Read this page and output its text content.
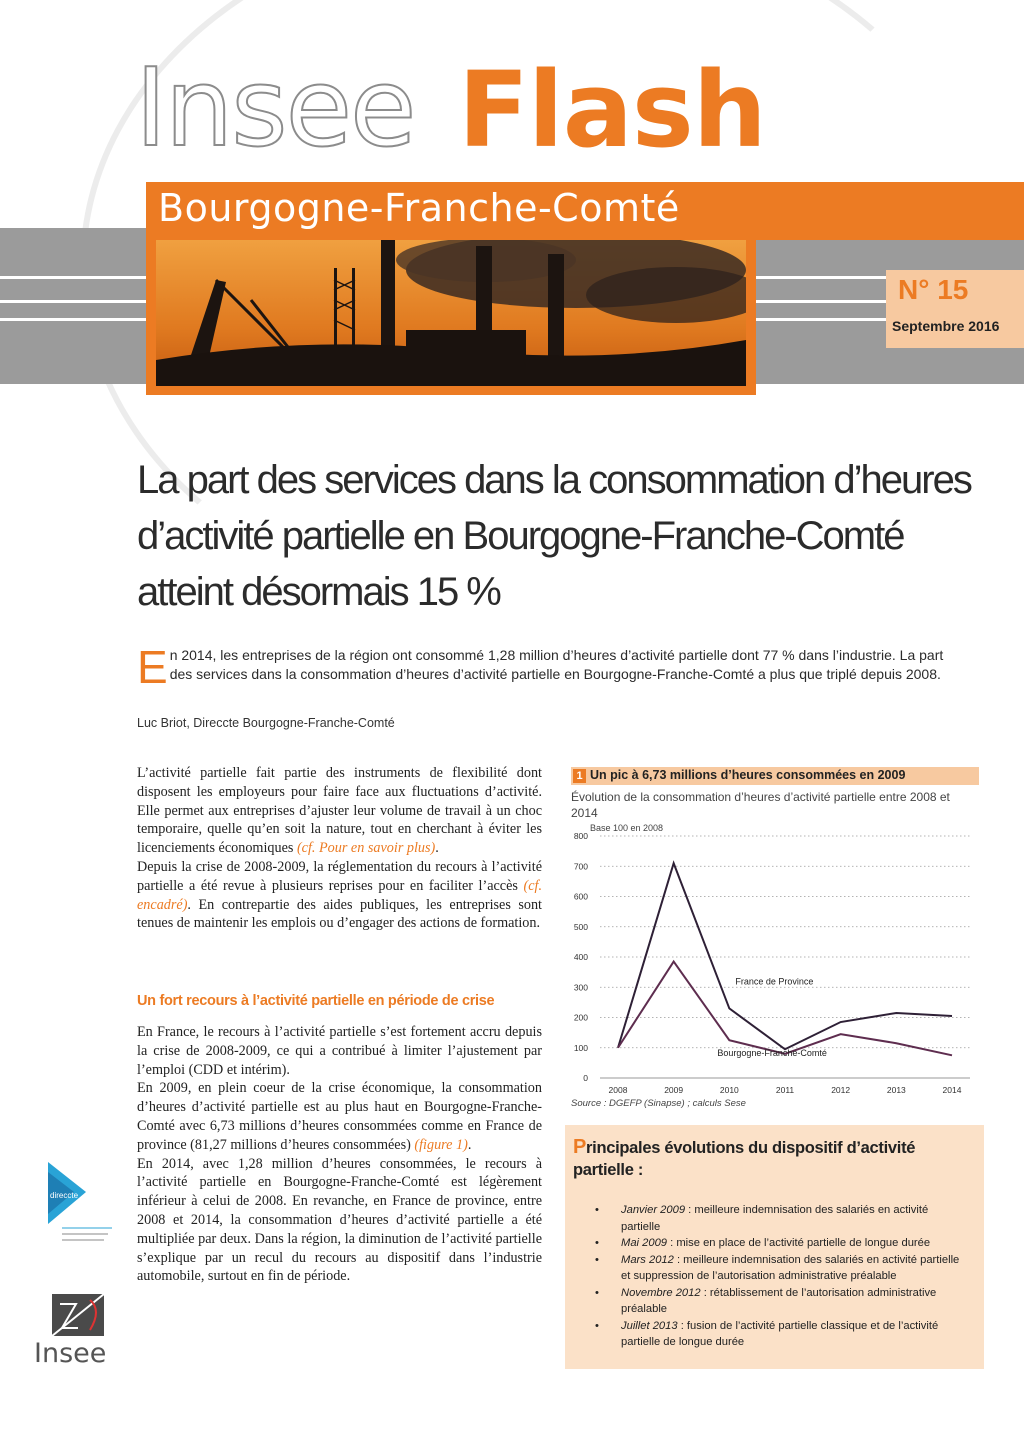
Insee Flash
Bourgogne-Franche-Comté
N° 15
Septembre 2016
La part des services dans la consommation d’heures d’activité partielle en Bourgogne-Franche-Comté atteint désormais 15 %
E n 2014, les entreprises de la région ont consommé 1,28 million d’heures d’activité partielle dont 77 % dans l’industrie. La part des services dans la consommation d’heures d’activité partielle en Bourgogne-Franche-Comté a plus que triplé depuis 2008.
Luc Briot, Direccte Bourgogne-Franche-Comté

L’activité partielle fait partie des instruments de flexibilité dont disposent les employeurs pour faire face aux fluctuations d’activité. Elle permet aux entreprises d’ajuster leur volume de travail à un choc temporaire, quelle qu’en soit la nature, tout en cherchant à éviter les licenciements économiques (cf. Pour en savoir plus).

Depuis la crise de 2008-2009, la réglementation du recours à l’activité partielle a été revue à plusieurs reprises pour en faciliter l’accès (cf. encadré). En contrepartie des aides publiques, les entreprises sont tenues de maintenir les emplois ou d’engager des actions de formation.

Un fort recours à l’activité partielle en période de crise

En France, le recours à l’activité partielle s’est fortement accru depuis la crise de 2008-2009, ce qui a contribué à limiter l’ajustement par l’emploi (CDD et intérim).

En 2009, en plein coeur de la crise économique, la consommation d’heures d’activité partielle est au plus haut en Bourgogne-Franche-Comté avec 6,73 millions d’heures consommées comme en France de province (81,27 millions d’heures consommées) (figure 1).

En 2014, avec 1,28 million d’heures consommées, le recours à l’activité partielle en Bourgogne-Franche-Comté est légèrement inférieur à celui de 2008. En revanche, en France de province, entre 2008 et 2014, la consommation d’heures d’activité partielle a été multipliée par deux. Dans la région, la diminution de l’activité partielle s’explique par un recul du recours au dispositif dans l’industrie automobile, surtout en fin de période.

1 Un pic à 6,73 millions d’heures consommées en 2009
Évolution de la consommation d’heures d’activité partielle entre 2008 et 2014
Base 100 en 2008
0
100
200
300
400
500
600
700
800
2008	2009	2010	2011	2012	2013	2014
France de Province
Bourgogne-Franche-Comté
Source : DGEFP (Sinapse) ; calculs Sese
Principales évolutions du dispositif d’activité partielle :
• Janvier 2009 : meilleure indemnisation des salariés en activité partielle
• Mai 2009 : mise en place de l’activité partielle de longue durée
• Mars 2012 : meilleure indemnisation des salariés en activité partielle et suppression de l’autorisation administrative préalable
• Novembre 2012 : rétablissement de l’autorisation administrative préalable
• Juillet 2013 : fusion de l’activité partielle classique et de l’activité partielle de longue durée
direccte
Insee
